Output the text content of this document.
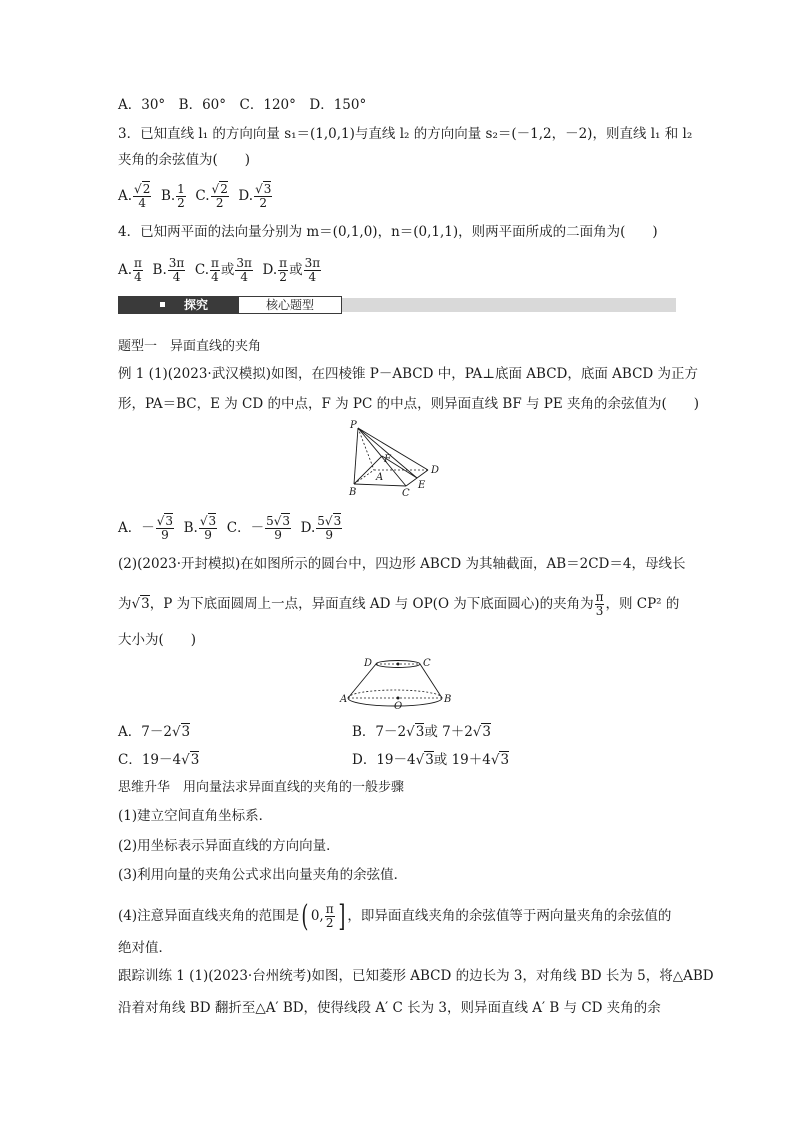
A．30°　B．60°　C．120°　D．150°
3．已知直线 l₁ 的方向向量 s₁＝(1,0,1)与直线 l₂ 的方向向量 s₂＝(－1,2，－2)，则直线 l₁ 和 l₂
夹角的余弦值为(　　)
A. √ $\frac{2}{4} B$. $\frac{1}{2} C$. √ $\frac{2}{2} D$. √ $\frac{3}{2}$
4．已知两平面的法向量分别为 m＝(0,1,0)，n＝(0,1,1)，则两平面所成的二面角为(　　)
A. $\frac{\pi}{4} B$. $\frac{3\pi}{4} C$. $\frac{\pi}{4}$ 或 $\frac{3\pi}{4} D$. $\frac{\pi}{2}$ 或 $\frac{3\pi}{4}$
探究	核心题型
题型一　异面直线的夹角
例 1 (1)(2023·武汉模拟)如图，在四棱锥 P－ABCD 中，PA⊥底面 ABCD，底面 ABCD 为正方
形，PA＝BC，E 为 CD 的中点，F 为 PC 的中点，则异面直线 BF 与 PE 夹角的余弦值为(　　)
P
F
A
D
B	C
E
A．－ √ $\frac{3}{9} B$. √ $\frac{3}{9}$ C．－ $\frac{5 √ 3}{9} D$. $\frac{5 √ 3}{9}$
(2)(2023·开封模拟)在如图所示的圆台中，四边形 ABCD 为其轴截面，AB＝2CD＝4，母线长
为 √ 3，P 为下底面圆周上一点，异面直线 AD 与 OP(O 为下底面圆心)的夹角为 $\frac{\pi}{3}$ ，则 CP² 的
大小为(　　)
D	C
A
O
B
A．7－2 √ 3	B．7－2 √ 3或 7＋2 √ 3
C．19－4 √ 3	D．19－4 √ 3或 19＋4 √ 3
思维升华　用向量法求异面直线的夹角的一般步骤
(1)建立空间直角坐标系．
(2)用坐标表示异面直线的方向向量．
(3)利用向量的夹角公式求出向量夹角的余弦值．
(4)注意异面直线夹角的范围是( 0, $\frac{\pi}{2}$ ] ，即异面直线夹角的余弦值等于两向量夹角的余弦值的
绝对值．
跟踪训练 1 (1)(2023·台州统考)如图，已知菱形 ABCD 的边长为 3，对角线 BD 长为 5，将△ABD
沿着对角线 BD 翻折至△A′ BD，使得线段 A′ C 长为 3，则异面直线 A′ B 与 CD 夹角的余
